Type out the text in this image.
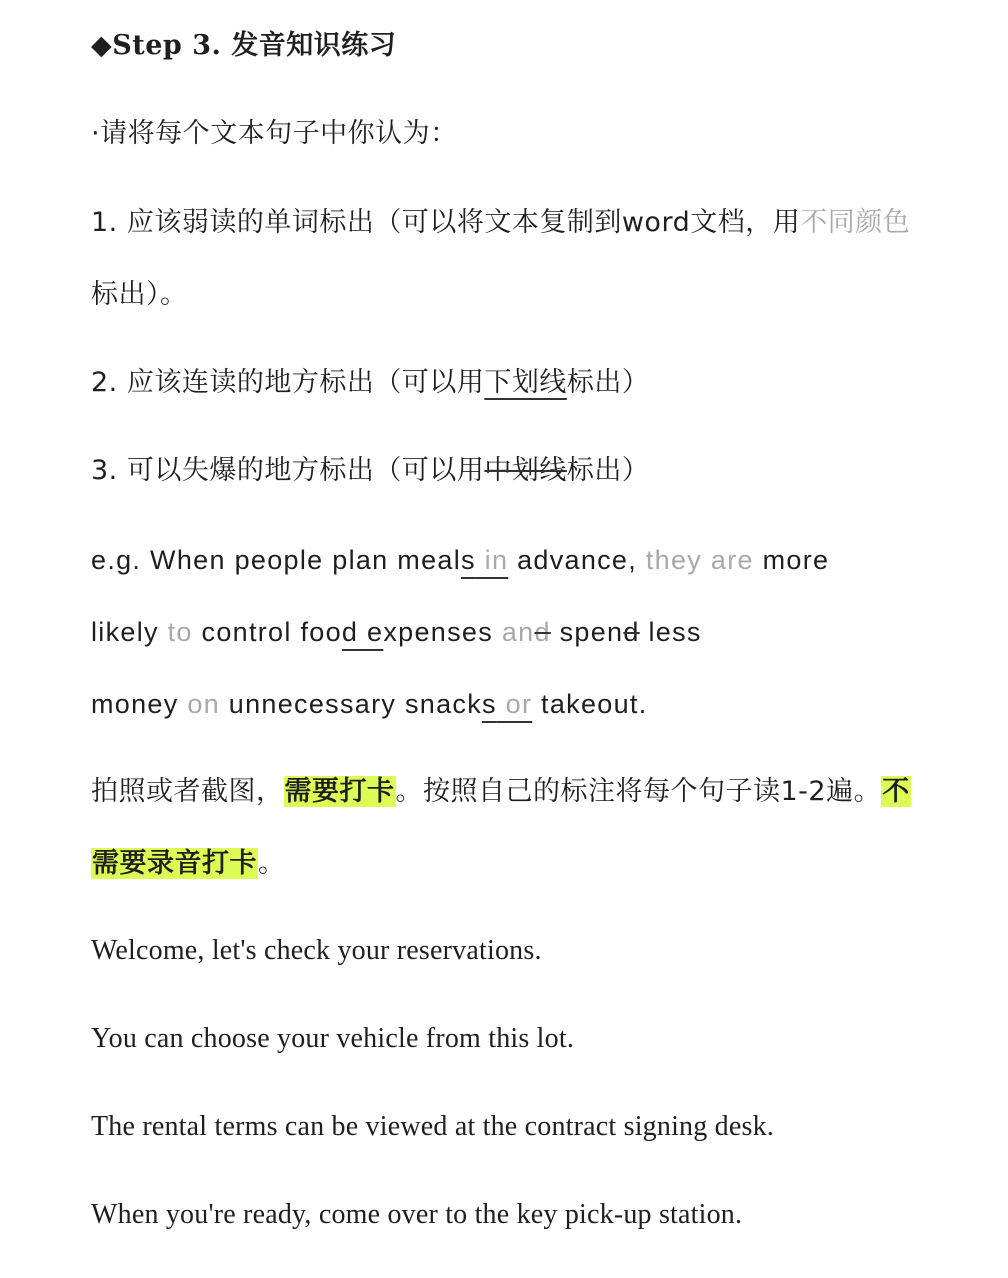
◆Step 3. 发音知识练习
·请将每个文本句子中你认为：
1. 应该弱读的单词标出（可以将文本复制到word文档，用不同颜色
标出）。
2. 应该连读的地方标出（可以用下划线标出）
3. 可以失爆的地方标出（可以用中划线标出）
e.g. When people plan meals in advance, they are more
likely to control food expenses and spend less
money on unnecessary snacks or takeout.
拍照或者截图，需要打卡。按照自己的标注将每个句子读1-2遍。不
需要录音打卡。
Welcome, let's check your reservations.
You can choose your vehicle from this lot.
The rental terms can be viewed at the contract signing desk.
When you're ready, come over to the key pick-up station.
